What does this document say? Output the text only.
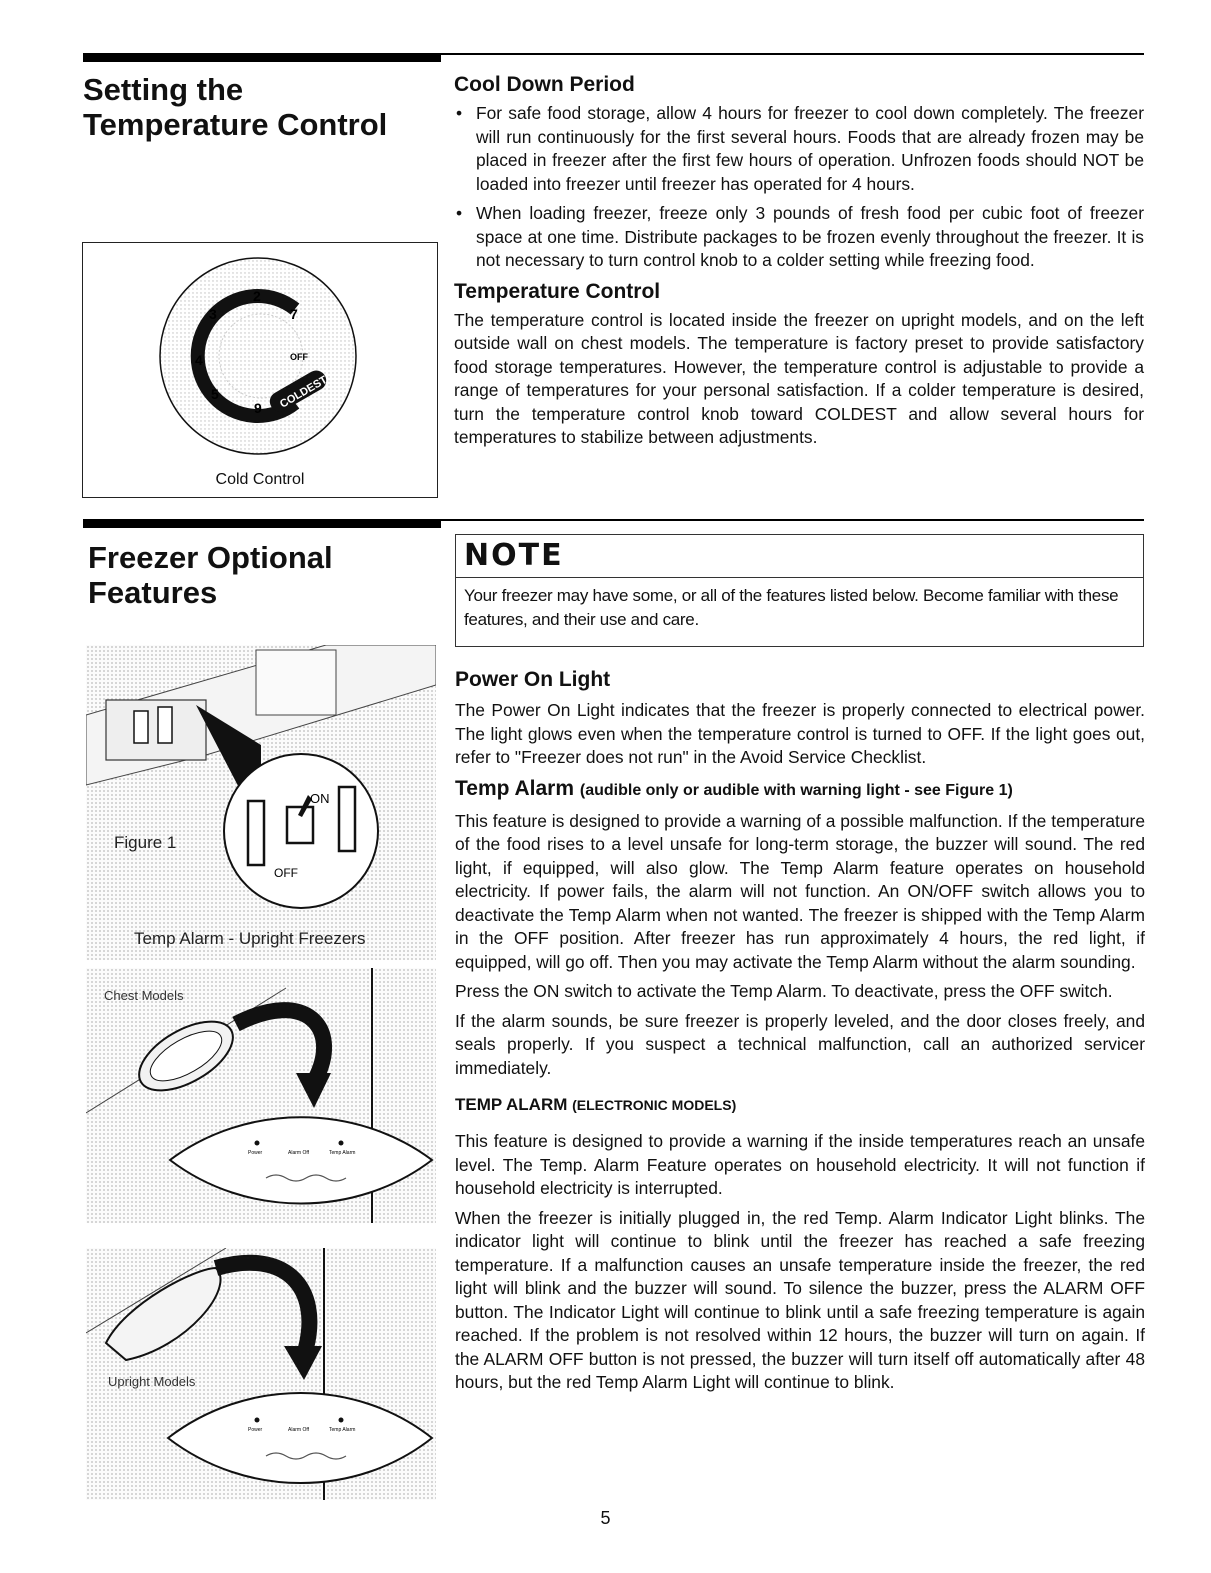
Setting the
Temperature Control
COLDEST
2
3
4
5
9
7
OFF
Cold Control
Cool Down Period
• For safe food storage, allow 4 hours for freezer to cool down completely. The freezer will run continuously for the first several hours. Foods that are already frozen may be placed in freezer after the first few hours of operation. Unfrozen foods should NOT be loaded into freezer until freezer has operated for 4 hours.
• When loading freezer, freeze only 3 pounds of fresh food per cubic foot of freezer space at one time. Distribute packages to be frozen evenly throughout the freezer. It is not necessary to turn control knob to a colder setting while freezing food.
Temperature Control

The temperature control is located inside the freezer on upright models, and on the left outside wall on chest models. The temperature is factory preset to provide satisfactory food storage temperatures. However, the temperature control is adjustable to provide a range of temperatures for your personal satisfaction. If a colder temperature is desired, turn the temperature control knob toward COLDEST and allow several hours for temperatures to stabilize between adjustments.

Freezer Optional
Features
NOTE
Your freezer may have some, or all of the features listed below. Become familiar with these features, and their use and care.
ON
OFF
Figure 1
Temp Alarm - Upright Freezers
Power	Alarm Off	Temp Alarm
Chest Models
Power	Alarm Off	Temp Alarm
Upright Models
Power On Light

The Power On Light indicates that the freezer is properly connected to electrical power. The light glows even when the temperature control is turned to OFF. If the light goes out, refer to "Freezer does not run" in the Avoid Service Checklist.

Temp Alarm (audible only or audible with warning light - see Figure 1)

This feature is designed to provide a warning of a possible malfunction. If the temperature of the food rises to a level unsafe for long-term storage, the buzzer will sound. The red light, if equipped, will also glow. The Temp Alarm feature operates on household electricity. If power fails, the alarm will not function. An ON/OFF switch allows you to deactivate the Temp Alarm when not wanted. The freezer is shipped with the Temp Alarm in the OFF position. After freezer has run approximately 4 hours, the red light, if equipped, will go off. Then you may activate the Temp Alarm without the alarm sounding.

Press the ON switch to activate the Temp Alarm. To deactivate, press the OFF switch.

If the alarm sounds, be sure freezer is properly leveled, and the door closes freely, and seals properly. If you suspect a technical malfunction, call an authorized servicer immediately.

TEMP ALARM (ELECTRONIC MODELS)

This feature is designed to provide a warning if the inside temperatures reach an unsafe level. The Temp. Alarm Feature operates on household electricity. It will not function if household electricity is interrupted.

When the freezer is initially plugged in, the red Temp. Alarm Indicator Light blinks. The indicator light will continue to blink until the freezer has reached a safe freezing temperature. If a malfunction causes an unsafe temperature inside the freezer, the red light will blink and the buzzer will sound. To silence the buzzer, press the ALARM OFF button. The Indicator Light will continue to blink until a safe freezing temperature is again reached. If the problem is not resolved within 12 hours, the buzzer will turn on again. If the ALARM OFF button is not pressed, the buzzer will turn itself off automatically after 48 hours, but the red Temp Alarm Light will continue to blink.

5
